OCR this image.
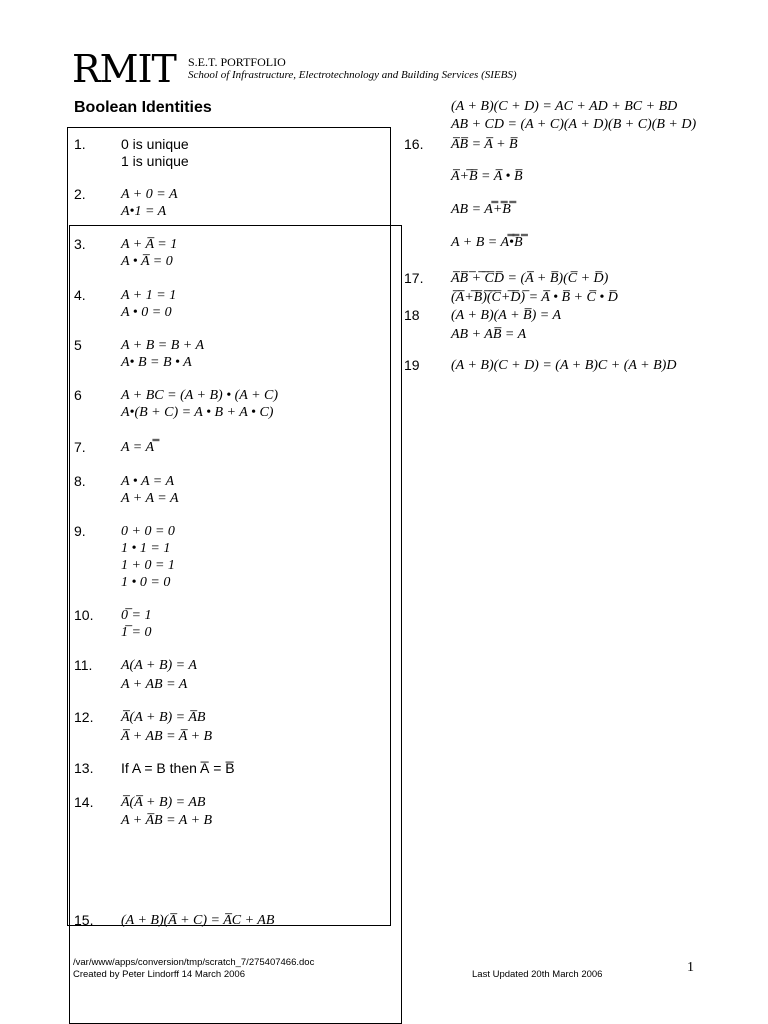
RMIT S.E.T. PORTFOLIO
School of Infrastructure, Electrotechnology and Building Services (SIEBS)
Boolean Identities
1.	0 is unique
1 is unique
2.	A + 0 = A
A•1 = A
3.	A + A̅ = 1
A • A̅ = 0
4.	A + 1 = 1
A • 0 = 0
5	A + B = B + A
A• B = B • A
6	A + BC = (A + B) • (A + C)
A•(B + C) = A • B + A • C)
7.	A = A̿
8.	A • A = A
A + A = A
9.	0 + 0 = 0
1 • 1 = 1
1 + 0 = 1
1 • 0 = 0
10. 0̅ = 1
1̅ = 0
11. A(A + B) = A
A + AB = A
12. A̅(A + B) = A̅B
A̅ + AB = A̅ + B
13. If A = B then A̅ = B̅
14. A̅(A̅ + B) = AB
A + A̅B = A + B
15. (A + B)(A̅ + C) = A̅C + AB
(A + B)(C + D) = AC + AD + BC + BD
AB + CD = (A + C)(A + D)(B + C)(B + D)
16. A̅B̅ = A̅ + B̅
A̅+̅B̅ = A̅ • B̅
AB = A̿+̿B̿
A + B = A̿•̿B̿
17. A̅B̅ ̅+̅ ̅C̅D̅ = (A̅ + B̅)(C̅ + D̅)
(̅A̅+̅B̅)̅(̅C̅+̅D̅)̅ = A̅ • B̅ + C̅ • D̅
18 (A + B)(A + B̅) = A
AB + AB̅ = A
19 (A + B)(C + D) = (A + B)C + (A + B)D
/var/www/apps/conversion/tmp/scratch_7/275407466.doc
Created by Peter Lindorff 14 March 2006	Last Updated 20th March 2006	1
